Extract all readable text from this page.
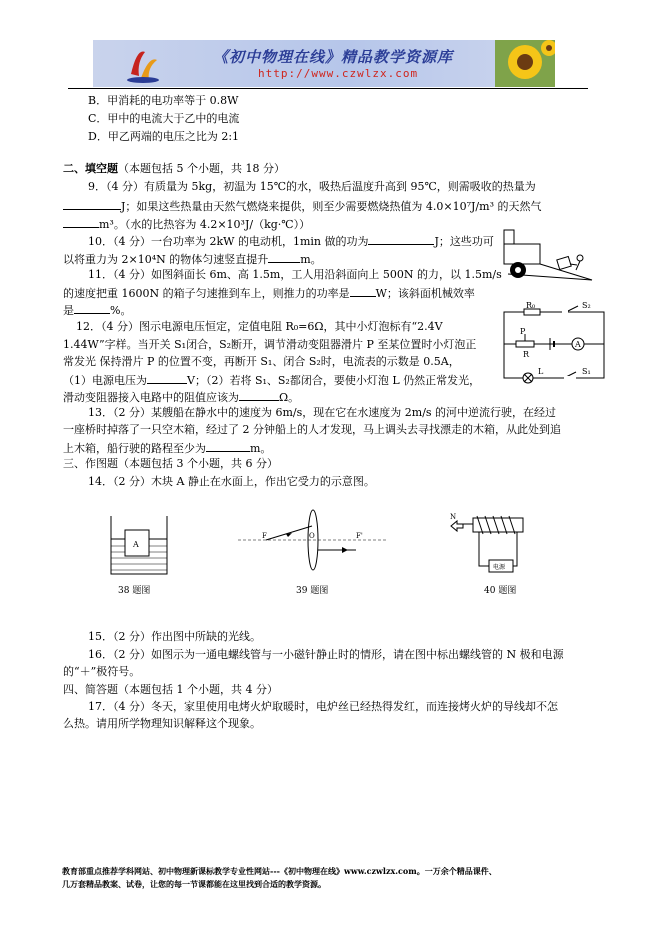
《初中物理在线》精品教学资源库
http://www.czwlzx.com
B．甲消耗的电功率等于 0.8W
C．甲中的电流大于乙中的电流
D．甲乙两端的电压之比为 2:1
二、填空题（本题包括 5 个小题，共 18 分）
9．（4 分）有质量为 5kg，初温为 15℃的水，吸热后温度升高到 95℃，则需吸收的热量为
J；如果这些热量由天然气燃烧来提供，则至少需要燃烧热值为 4.0×10⁷J/m³ 的天然气
m³。（水的比热容为 4.2×10³J/（kg·℃））
10．（4 分）一台功率为 2kW 的电动机，1min 做的功为	J；这些功可
以将重力为 2×10⁴N 的物体匀速竖直提升	m。
11．（4 分）如图斜面长 6m、高 1.5m，工人用沿斜面向上 500N 的力，以 1.5m/s
的速度把重 1600N 的箱子匀速推到车上，则推力的功率是 W；该斜面机械效率
是	%。	R₀	S₂
P
R
A
L	S₁
12．（4 分）图示电源电压恒定，定值电阻 R₀=6Ω，其中小灯泡标有“2.4V
1.44W”字样。当开关 S₁闭合，S₂断开，调节滑动变阻器滑片 P 至某位置时小灯泡正
常发光 保持滑片 P 的位置不变，再断开 S₁、闭合 S₂时，电流表的示数是 0.5A，
（1）电源电压为	V；（2）若将 S₁、S₂都闭合，要使小灯泡 L 仍然正常发光，
滑动变阻器接入电路中的阻值应该为	Ω。
13．（2 分）某艘船在静水中的速度为 6m/s，现在它在水速度为 2m/s 的河中逆流行驶，在经过
一座桥时掉落了一只空木箱，经过了 2 分钟船上的人才发现，马上调头去寻找漂走的木箱，从此处到追
上木箱，船行驶的路程至少为	m。
三、作图题（本题包括 3 个小题，共 6 分）
14．（2 分）木块 A 静止在水面上，作出它受力的示意图。
A
38 题图
F	O	F'
39 题图
N
电源
40 题图
15．（2 分）作出图中所缺的光线。
16．（2 分）如图示为一通电螺线管与一小磁针静止时的情形，请在图中标出螺线管的 N 极和电源
的“＋”极符号。
四、简答题（本题包括 1 个小题，共 4 分）
17．（4 分）冬天，家里使用电烤火炉取暖时，电炉丝已经热得发红，而连接烤火炉的导线却不怎
么热。请用所学物理知识解释这个现象。
教育部重点推荐学科网站、初中物理新课标教学专业性网站---《初中物理在线》www.czwlzx.com。一万余个精品课件、
几万套精品教案、试卷，让您的每一节课都能在这里找到合适的教学资源。
